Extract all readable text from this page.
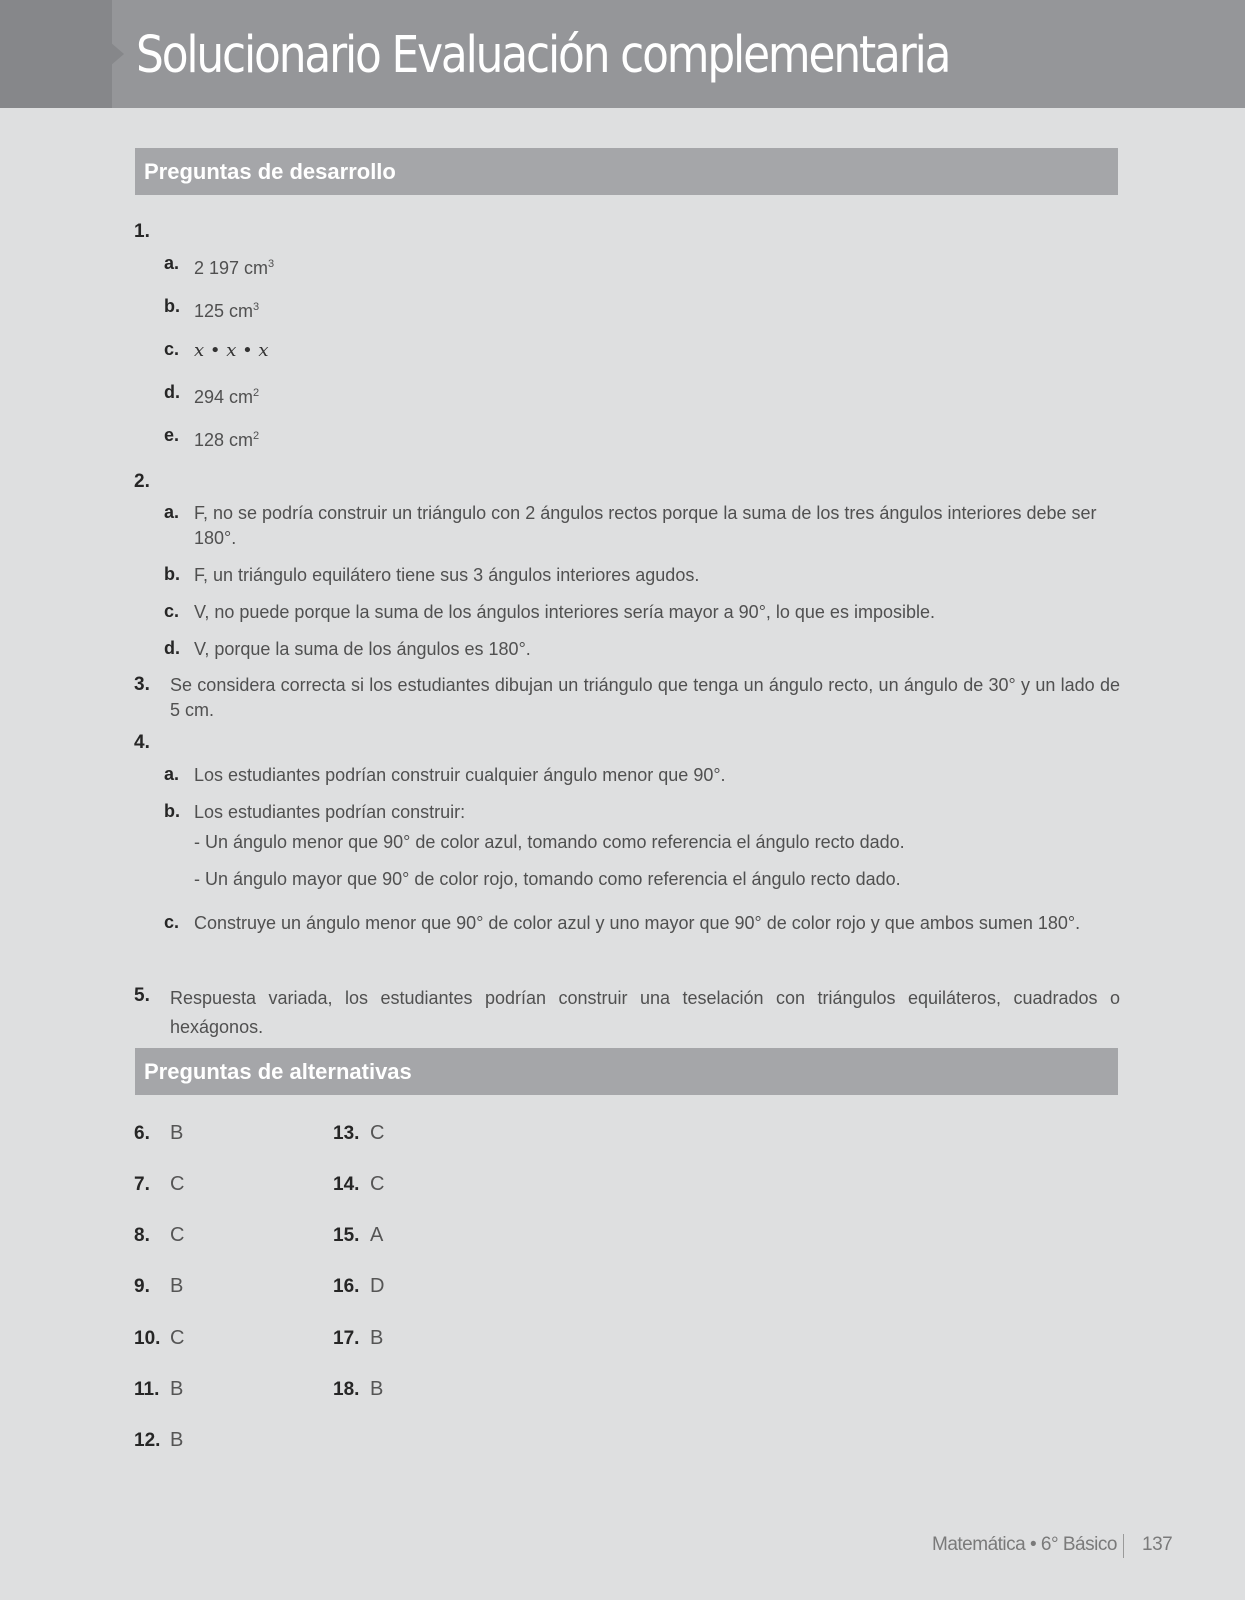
Solucionario Evaluación complementaria
Preguntas de desarrollo
1.
a. 2 197 $cm^3$
b. 125 $cm^3$
c. x • x • x
d. 294 $cm^2$
e. 128 $cm^2$
2.
a. F, no se podría construir un triángulo con 2 ángulos rectos porque la suma de los tres ángulos interiores debe ser 180°.
b. F, un triángulo equilátero tiene sus 3 ángulos interiores agudos.
c. V, no puede porque la suma de los ángulos interiores sería mayor a 90°, lo que es imposible.
d. V, porque la suma de los ángulos es 180°.
3. Se considera correcta si los estudiantes dibujan un triángulo que tenga un ángulo recto, un ángulo de 30° y un lado de 5 cm.
4.
a. Los estudiantes podrían construir cualquier ángulo menor que 90°.
b. Los estudiantes podrían construir:
- Un ángulo menor que 90° de color azul, tomando como referencia el ángulo recto dado.
- Un ángulo mayor que 90° de color rojo, tomando como referencia el ángulo recto dado.
c. Construye un ángulo menor que 90° de color azul y uno mayor que 90° de color rojo y que ambos sumen 180°.
5. Respuesta variada, los estudiantes podrían construir una teselación con triángulos equiláteros, cuadrados o hexágonos.
Preguntas de alternativas
6. B
7. C
8. C
9. B
10. C
11. B
12. B
13. C
14. C
15. A
16. D
17. B
18. B
Matemática • 6° Básico 137
